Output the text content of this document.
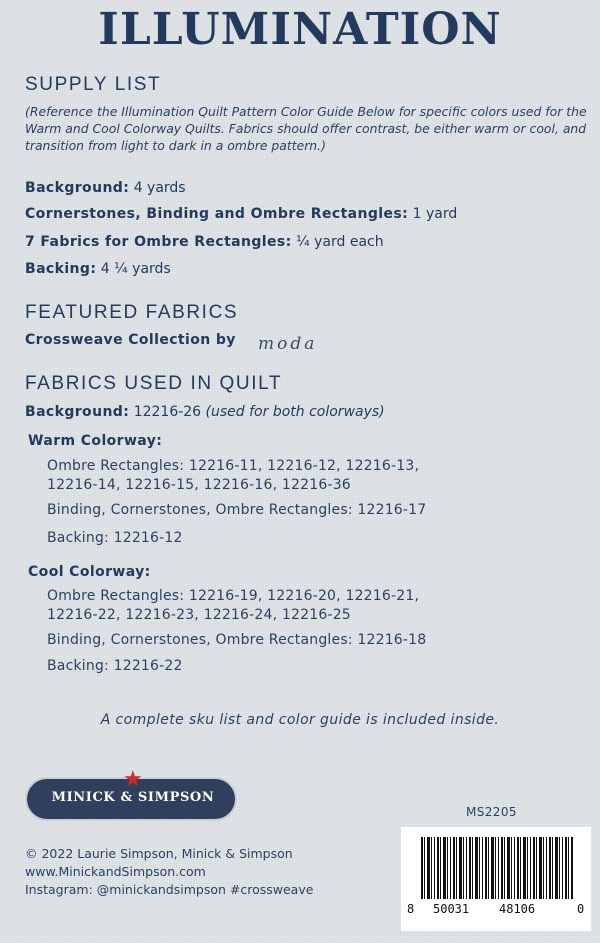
ILLUMINATION
SUPPLY LIST
(Reference the Illumination Quilt Pattern Color Guide Below for specific colors used for the Warm and Cool Colorway Quilts. Fabrics should offer contrast, be either warm or cool, and transition from light to dark in a ombre pattern.)
Background: 4 yards
Cornerstones, Binding and Ombre Rectangles: 1 yard
7 Fabrics for Ombre Rectangles: ¼ yard each
Backing: 4 ¼ yards
FEATURED FABRICS
Crossweave Collection by moda
FABRICS USED IN QUILT
Background: 12216-26 (used for both colorways)
Warm Colorway:
Ombre Rectangles: 12216-11, 12216-12, 12216-13,
12216-14, 12216-15, 12216-16, 12216-36
Binding, Cornerstones, Ombre Rectangles: 12216-17
Backing: 12216-12
Cool Colorway:
Ombre Rectangles: 12216-19, 12216-20, 12216-21,
12216-22, 12216-23, 12216-24, 12216-25
Binding, Cornerstones, Ombre Rectangles: 12216-18
Backing: 12216-22
A complete sku list and color guide is included inside.
★
MINICK & SIMPSON
MS2205
© 2022 Laurie Simpson, Minick & Simpson
www.MinickandSimpson.com
Instagram: @minickandsimpson #crossweave
8 50031 48106	0
